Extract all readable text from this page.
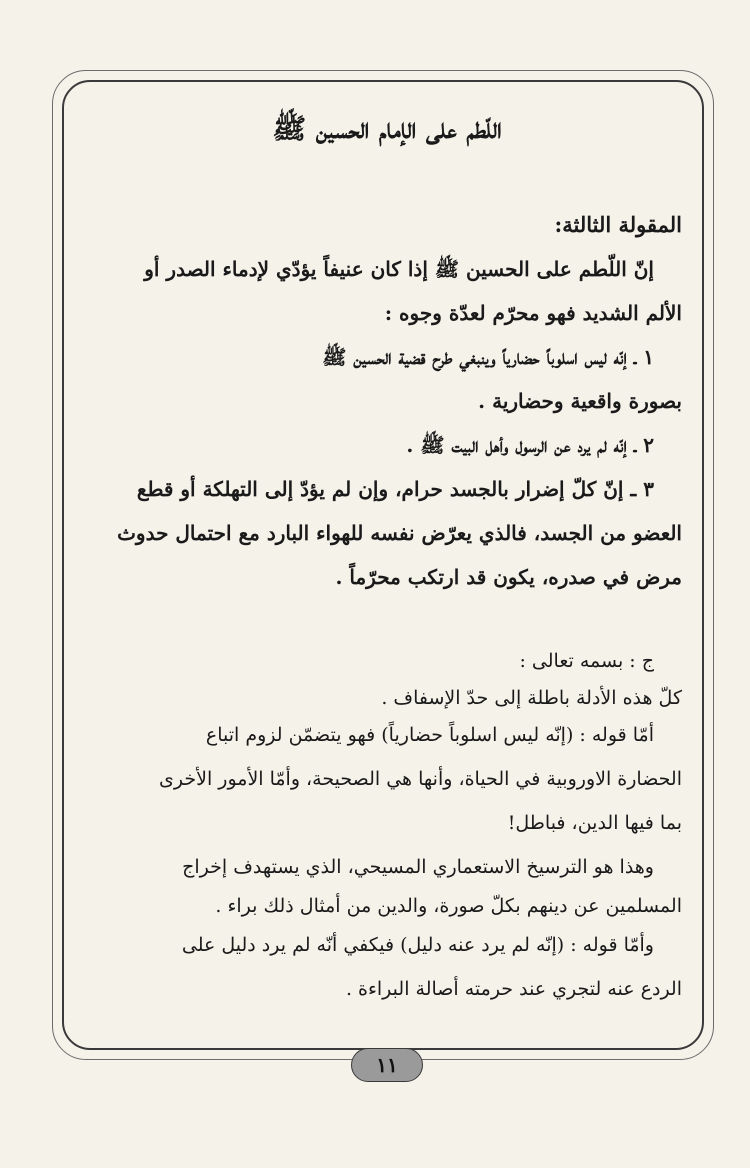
اللّطم على الإمام الحسين ﷺ

المقولة الثالثة:

إنّ اللّطم على الحسين ﷺ إذا كان عنيفاً يؤدّي لإدماء الصدر أو

الألم الشديد فهو محرّم لعدّة وجوه :

١ ـ إنّه ليس اسلوباً حضارياً وينبغي طرح قضية الحسين ﷺ

بصورة واقعية وحضارية .

٢ ـ إنّه لم يرد عن الرسول وأهل البيت ﷺ .

٣ ـ إنّ كلّ إضرار بالجسد حرام، وإن لم يؤدّ إلى التهلكة أو قطع

العضو من الجسد، فالذي يعرّض نفسه للهواء البارد مع احتمال حدوث

مرض في صدره، يكون قد ارتكب محرّماً .

ج : بسمه تعالى :

كلّ هذه الأدلة باطلة إلى حدّ الإسفاف .

أمّا قوله : (إنّه ليس اسلوباً حضارياً) فهو يتضمّن لزوم اتباع

الحضارة الاوروبية في الحياة، وأنها هي الصحيحة، وأمّا الأمور الأخرى

بما فيها الدين، فباطل!

وهذا هو الترسيخ الاستعماري المسيحي، الذي يستهدف إخراج

المسلمين عن دينهم بكلّ صورة، والدين من أمثال ذلك براء .

وأمّا قوله : (إنّه لم يرد عنه دليل) فيكفي أنّه لم يرد دليل على

الردع عنه لتجري عند حرمته أصالة البراءة .

١١
